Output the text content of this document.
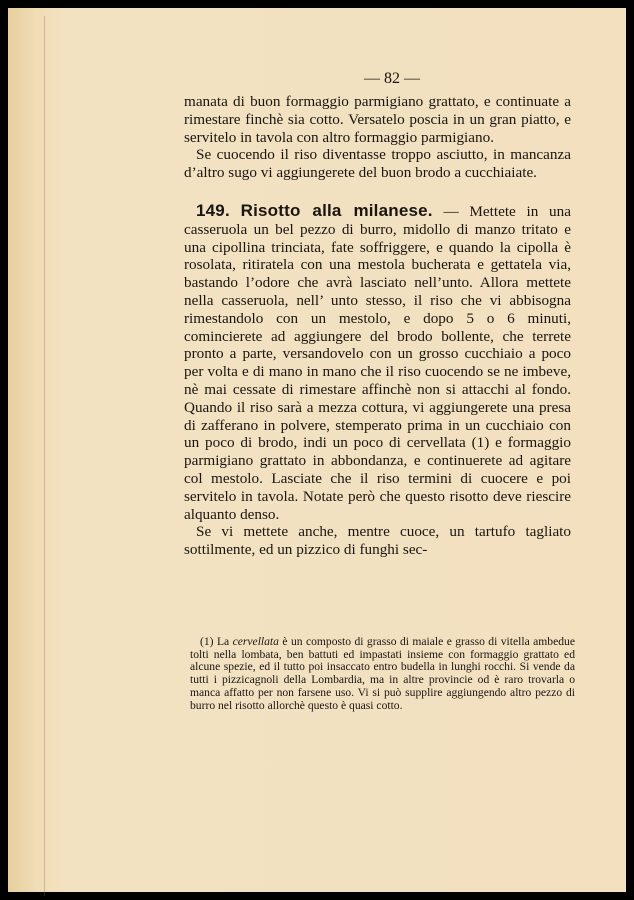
— 82 —

manata di buon formaggio parmigiano grattato, e continuate a rimestare finchè sia cotto. Versatelo poscia in un gran piatto, e servitelo in tavola con altro formaggio parmigiano.

Se cuocendo il riso diventasse troppo asciutto, in mancanza d’altro sugo vi aggiungerete del buon brodo a cucchiaiate.

149. Risotto alla milanese. — Mettete in una casseruola un bel pezzo di burro, midollo di manzo tritato e una cipollina trinciata, fate soffriggere, e quando la cipolla è rosolata, ritiratela con una mestola bucherata e gettatela via, bastando l’odore che avrà lasciato nell’unto. Allora mettete nella casseruola, nell’ unto stesso, il riso che vi abbisogna rimestandolo con un mestolo, e dopo 5 o 6 minuti, comincierete ad aggiungere del brodo bollente, che terrete pronto a parte, versandovelo con un grosso cucchiaio a poco per volta e di mano in mano che il riso cuocendo se ne imbeve, nè mai cessate di rimestare affinchè non si attacchi al fondo. Quando il riso sarà a mezza cottura, vi aggiungerete una presa di zafferano in polvere, stemperato prima in un cucchiaio con un poco di brodo, indi un poco di cervellata (1) e formaggio parmigiano grattato in abbondanza, e continuerete ad agitare col mestolo. Lasciate che il riso termini di cuocere e poi servitelo in tavola. Notate però che questo risotto deve riescire alquanto denso.

Se vi mettete anche, mentre cuoce, un tartufo tagliato sottilmente, ed un pizzico di funghi sec-

(1) La cervellata è un composto di grasso di maiale e grasso di vitella ambedue tolti nella lombata, ben battuti ed impastati insieme con formaggio grattato ed alcune spezie, ed il tutto poi insaccato entro budella in lunghi rocchi. Si vende da tutti i pizzicagnoli della Lombardia, ma in altre provincie od è raro trovarla o manca affatto per non farsene uso. Vi si può supplire aggiungendo altro pezzo di burro nel risotto allorchè questo è quasi cotto.
